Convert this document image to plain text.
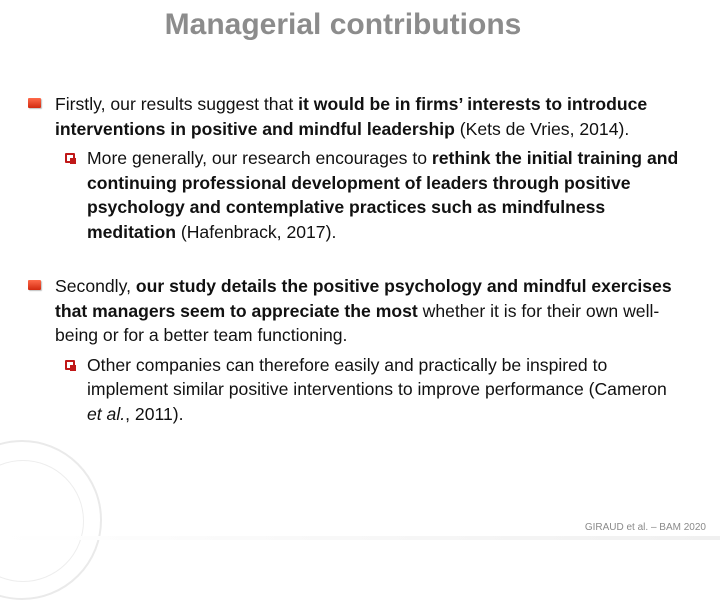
Managerial contributions
Firstly, our results suggest that it would be in firms’ interests to introduce interventions in positive and mindful leadership (Kets de Vries, 2014).
More generally, our research encourages to rethink the initial training and continuing professional development of leaders through positive psychology and contemplative practices such as mindfulness meditation (Hafenbrack, 2017).
Secondly, our study details the positive psychology and mindful exercises that managers seem to appreciate the most whether it is for their own well-being or for a better team functioning.
Other companies can therefore easily and practically be inspired to implement similar positive interventions to improve performance (Cameron et al., 2011).
GIRAUD et al. – BAM 2020
